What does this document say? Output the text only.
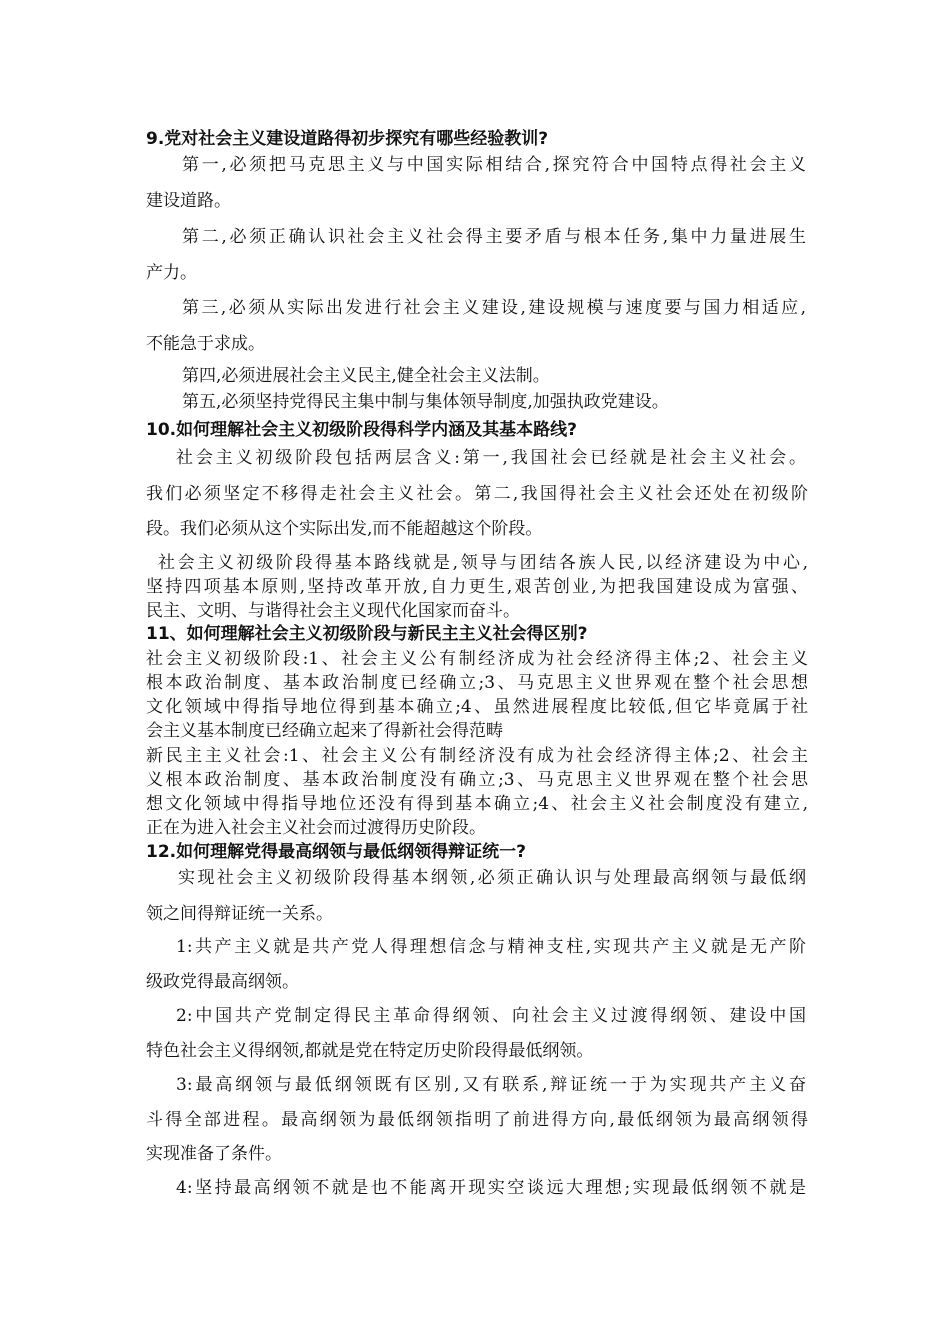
9.党对社会主义建设道路得初步探究有哪些经验教训?
第一,必须把马克思主义与中国实际相结合,探究符合中国特点得社会主义
建设道路。
第二,必须正确认识社会主义社会得主要矛盾与根本任务,集中力量进展生
产力。
第三,必须从实际出发进行社会主义建设,建设规模与速度要与国力相适应,
不能急于求成。
第四,必须进展社会主义民主,健全社会主义法制。
第五,必须坚持党得民主集中制与集体领导制度,加强执政党建设。
10.如何理解社会主义初级阶段得科学内涵及其基本路线?
社会主义初级阶段包括两层含义:第一,我国社会已经就是社会主义社会。
我们必须坚定不移得走社会主义社会。第二,我国得社会主义社会还处在初级阶
段。我们必须从这个实际出发,而不能超越这个阶段。
社会主义初级阶段得基本路线就是,领导与团结各族人民,以经济建设为中心,
坚持四项基本原则,坚持改革开放,自力更生,艰苦创业,为把我国建设成为富强、
民主、文明、与谐得社会主义现代化国家而奋斗。
11、如何理解社会主义初级阶段与新民主主义社会得区别?
社会主义初级阶段:1、社会主义公有制经济成为社会经济得主体;2、社会主义
根本政治制度、基本政治制度已经确立;3、马克思主义世界观在整个社会思想
文化领域中得指导地位得到基本确立;4、虽然进展程度比较低,但它毕竟属于社
会主义基本制度已经确立起来了得新社会得范畴
新民主主义社会:1、社会主义公有制经济没有成为社会经济得主体;2、社会主
义根本政治制度、基本政治制度没有确立;3、马克思主义世界观在整个社会思
想文化领域中得指导地位还没有得到基本确立;4、社会主义社会制度没有建立,
正在为进入社会主义社会而过渡得历史阶段。
12.如何理解党得最高纲领与最低纲领得辩证统一?
实现社会主义初级阶段得基本纲领,必须正确认识与处理最高纲领与最低纲
领之间得辩证统一关系。
1:共产主义就是共产党人得理想信念与精神支柱,实现共产主义就是无产阶
级政党得最高纲领。
2:中国共产党制定得民主革命得纲领、向社会主义过渡得纲领、建设中国
特色社会主义得纲领,都就是党在特定历史阶段得最低纲领。
3:最高纲领与最低纲领既有区别,又有联系,辩证统一于为实现共产主义奋
斗得全部进程。最高纲领为最低纲领指明了前进得方向,最低纲领为最高纲领得
实现准备了条件。
4:坚持最高纲领不就是也不能离开现实空谈远大理想;实现最低纲领不就是
